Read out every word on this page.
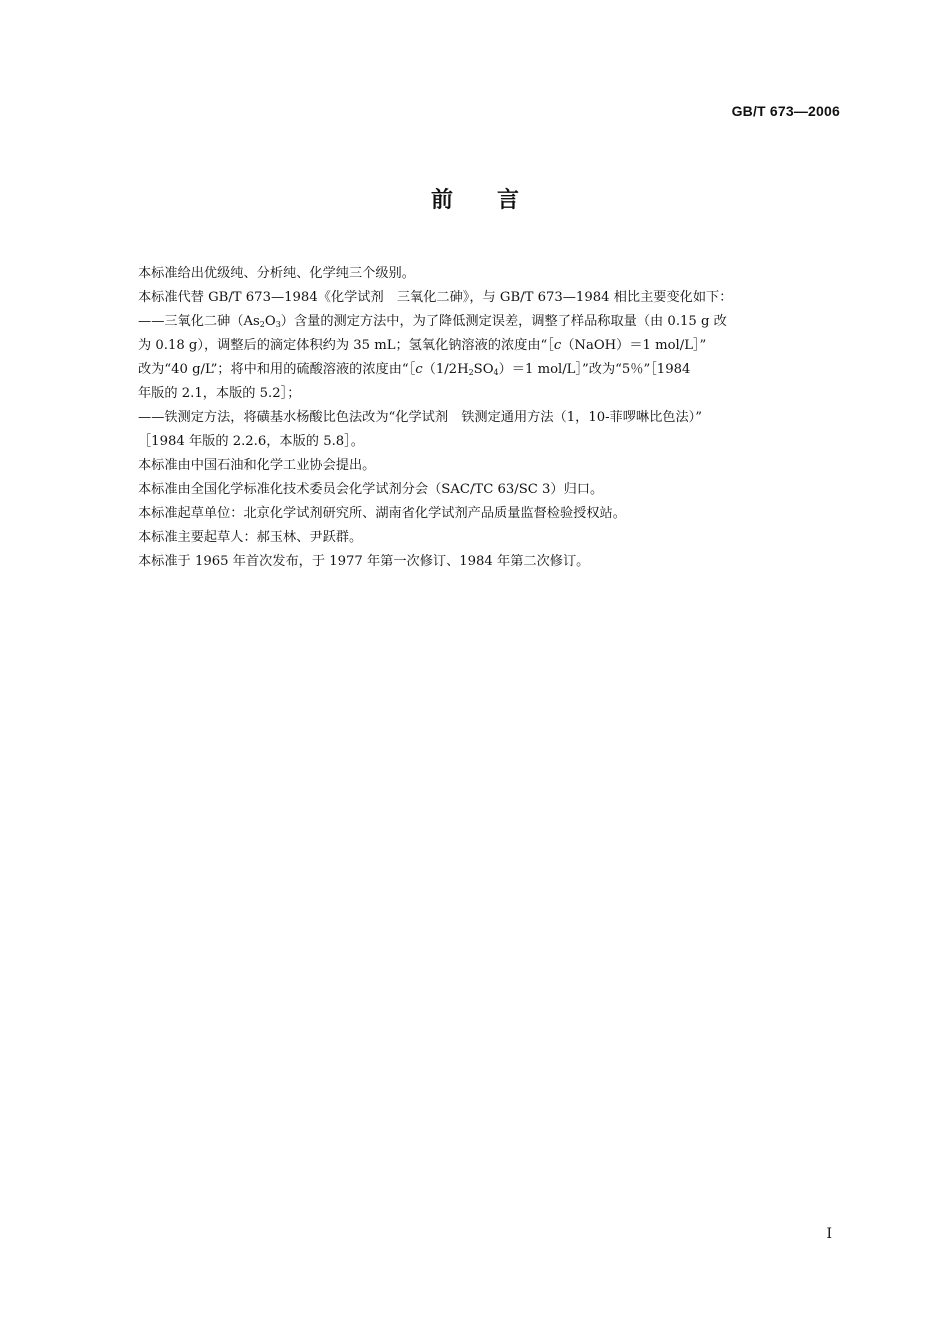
GB/T 673—2006
前言

本标准给出优级纯、分析纯、化学纯三个级别。

本标准代替 GB/T 673—1984《化学试剂　三氧化二砷》，与 GB/T 673—1984 相比主要变化如下：

——三氧化二砷$(As_2O_3)$含量的测定方法中，为了降低测定误差，调整了样品称取量（由 0.15 g 改
为 0.18 g），调整后的滴定体积约为 35 mL；氢氧化钠溶液的浓度由“［c（NaOH）＝1 mol/L］”
改为“40 g/L”；将中和用的硫酸溶液的浓度由“$[c(1/2H_2SO_4)=1$ mol/L］”改为“5％”［1984
年版的 2.1，本版的 5.2］；
——铁测定方法，将磺基水杨酸比色法改为“化学试剂　铁测定通用方法（1，10-菲啰啉比色法）”
［1984 年版的 2.2.6，本版的 5.8］。

本标准由中国石油和化学工业协会提出。

本标准由全国化学标准化技术委员会化学试剂分会（SAC/TC 63/SC 3）归口。

本标准起草单位：北京化学试剂研究所、湖南省化学试剂产品质量监督检验授权站。

本标准主要起草人：郝玉林、尹跃群。

本标准于 1965 年首次发布，于 1977 年第一次修订、1984 年第二次修订。

I
